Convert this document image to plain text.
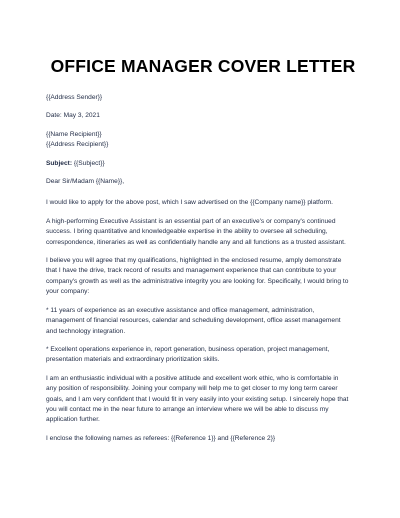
OFFICE MANAGER COVER LETTER
{{Address Sender}}
Date: May 3, 2021
{{Name Recipient}}
{{Address Recipient}}
Subject: {{Subject}}
Dear Sir/Madam {{Name}},
I would like to apply for the above post, which I saw advertised on the {{Company name}} platform.
A high-performing Executive Assistant is an essential part of an executive's or company's continued
success. I bring quantitative and knowledgeable expertise in the ability to oversee all scheduling,
correspondence, itineraries as well as confidentially handle any and all functions as a trusted assistant.
I believe you will agree that my qualifications, highlighted in the enclosed resume, amply demonstrate
that I have the drive, track record of results and management experience that can contribute to your
company's growth as well as the administrative integrity you are looking for. Specifically, I would bring to
your company:
* 11 years of experience as an executive assistance and office management, administration,
management of financial resources, calendar and scheduling development, office asset management
and technology integration.
* Excellent operations experience in, report generation, business operation, project management,
presentation materials and extraordinary prioritization skills.
I am an enthusiastic individual with a positive attitude and excellent work ethic, who is comfortable in
any position of responsibility. Joining your company will help me to get closer to my long term career
goals, and I am very confident that I would fit in very easily into your existing setup. I sincerely hope that
you will contact me in the near future to arrange an interview where we will be able to discuss my
application further.
I enclose the following names as referees: {{Reference 1}} and {{Reference 2}}
